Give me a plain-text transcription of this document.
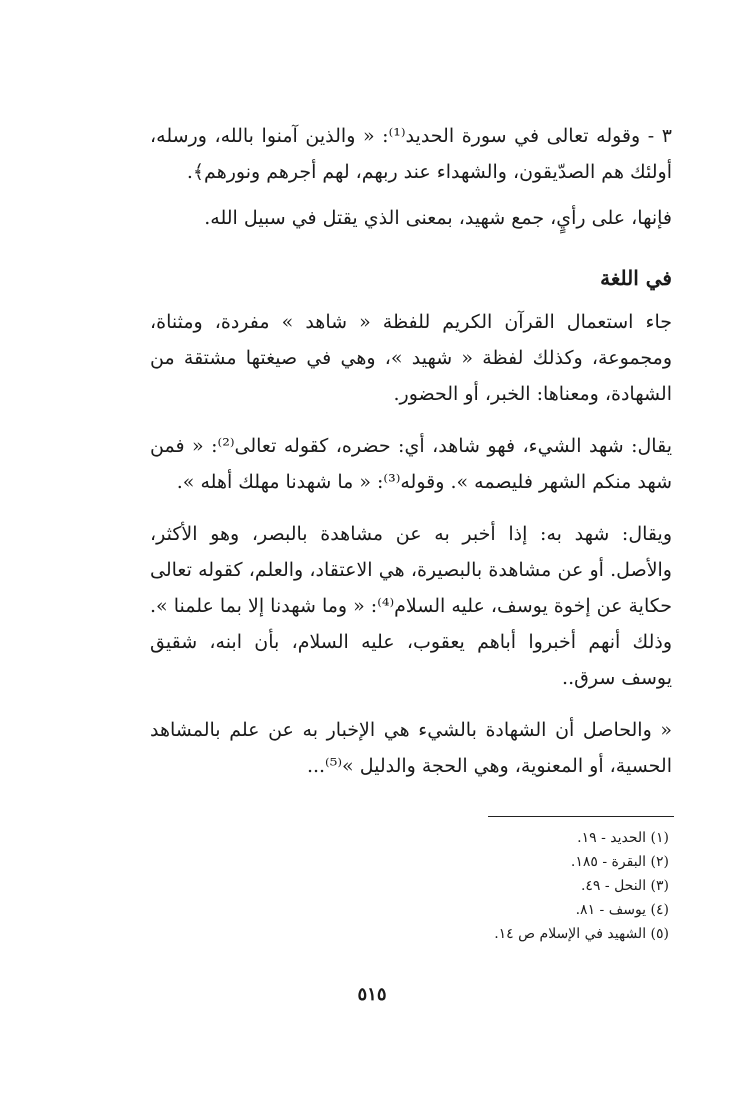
٣ - وقوله تعالى في سورة الحديد⁽¹⁾: « والذين آمنوا بالله، ورسله، أولئك هم الصدّيقون، والشهداء عند ربهم، لهم أجرهم ونورهم﴾.

فإنها، على رأيٍ، جمع شهيد، بمعنى الذي يقتل في سبيل الله.

في اللغة

جاء استعمال القرآن الكريم للفظة « شاهد » مفردة، ومثناة، ومجموعة، وكذلك لفظة « شهيد »، وهي في صيغتها مشتقة من الشهادة، ومعناها: الخبر، أو الحضور.

يقال: شهد الشيء، فهو شاهد، أي: حضره، كقوله تعالى⁽²⁾: « فمن شهد منكم الشهر فليصمه ». وقوله⁽³⁾: « ما شهدنا مهلك أهله ».

ويقال: شهد به: إذا أخبر به عن مشاهدة بالبصر، وهو الأكثر، والأصل. أو عن مشاهدة بالبصيرة، هي الاعتقاد، والعلم، كقوله تعالى حكاية عن إخوة يوسف، عليه السلام⁽⁴⁾: « وما شهدنا إلا بما علمنا ». وذلك أنهم أخبروا أباهم يعقوب، عليه السلام، بأن ابنه، شقيق يوسف سرق..

« والحاصل أن الشهادة بالشيء هي الإخبار به عن علم بالمشاهد الحسية، أو المعنوية، وهي الحجة والدليل »⁽⁵⁾...

(١) الحديد - ١٩.

(٢) البقرة - ١٨٥.

(٣) النحل - ٤٩.

(٤) يوسف - ٨١.

(٥) الشهيد في الإسلام ص ١٤.

٥١٥
